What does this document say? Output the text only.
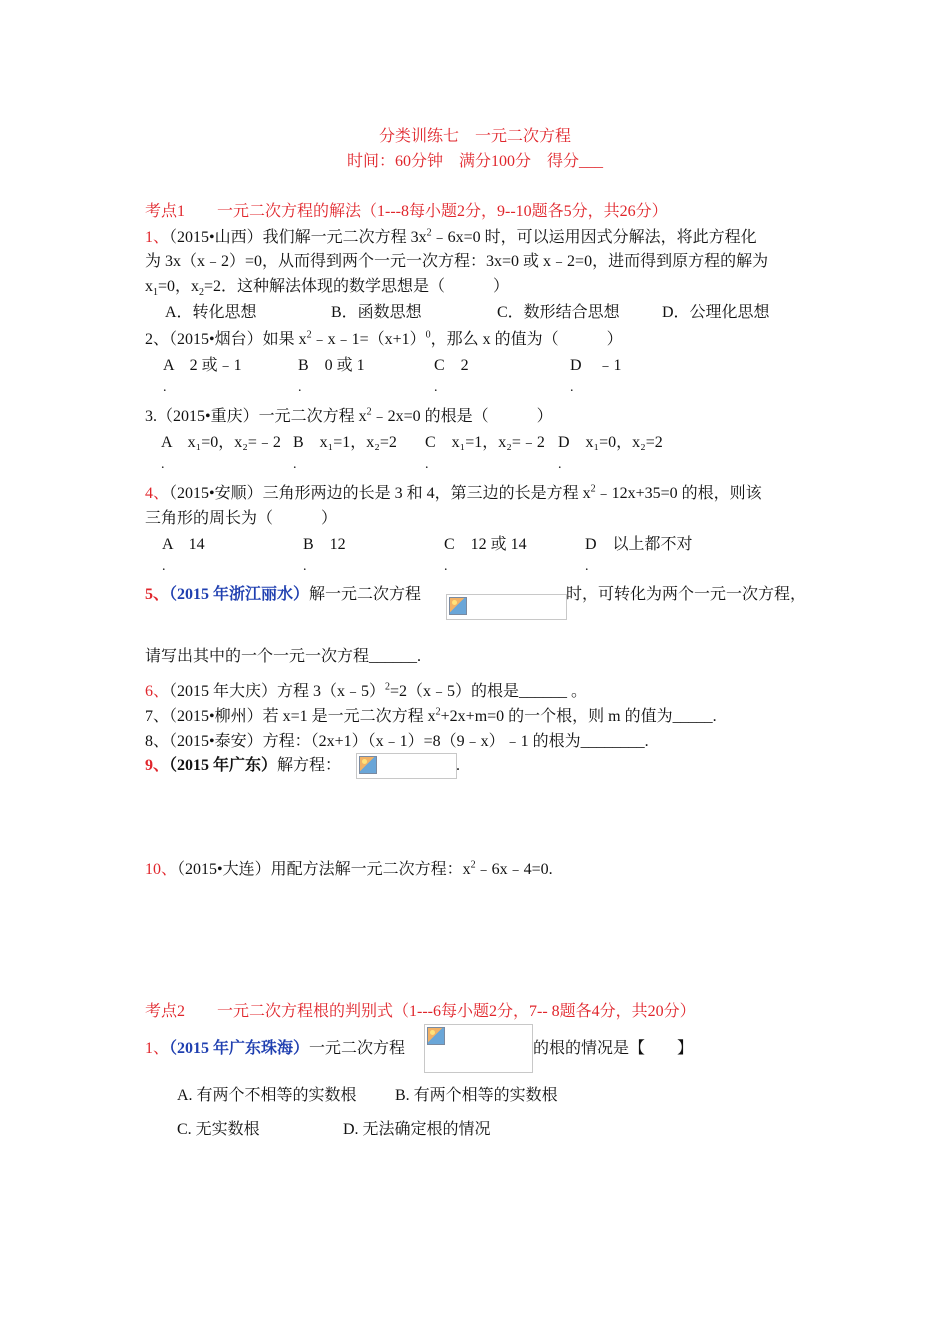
分类训练七　一元二次方程
时间：60分钟　满分100分　得分___
考点1　　一元二次方程的解法（1---8每小题2分，9--10题各5分，共26分）
1、（2015•山西）我们解一元二次方程 $3x^2﹣6x=0$ 时，可以运用因式分解法，将此方程化
为 3x（x﹣2）=0，从而得到两个一元一次方程：3x=0 或 x﹣2=0，进而得到原方程的解为
$x_1=0$，$x_2=2$．这种解法体现的数学思想是（　　　）
A．转化思想	B．函数思想	C．数形结合思想	D．公理化思想
2、（2015•烟台）如果 $x^2﹣x﹣1=(x+1)^0$，那么 x 的值为（　　　）
A　2 或﹣1	B　0 或 1	C　2	D　﹣1
.	.	.	.
3.（2015•重庆）一元二次方程 $x^2﹣2x=0$ 的根是（　　　）
A　x₁=0，x₂=﹣2 B　x₁=1，x₂=2 C　x₁=1，x₂=﹣2 D　x₁=0，x₂=2
.	.	.	.
4、（2015•安顺）三角形两边的长是 3 和 4，第三边的长是方程 $x^2﹣12x+35=0$ 的根，则该
三角形的周长为（　　　）
A　14	B　12	C　12 或 14	D　以上都不对
.	.	.	.
5、（2015 年浙江丽水）解一元二次方程	时，可转化为两个一元一次方程，
请写出其中的一个一元一次方程______.
6、（2015 年大庆）方程 3（x﹣5）$^2$=2（x﹣5）的根是______ 。
7、（2015•柳州）若 x=1 是一元二次方程 $x^2+2x+m=0$ 的一个根，则 m 的值为_____.
8、（2015•泰安）方程：（2x+1）（x﹣1）=8（9﹣x）﹣1 的根为________.
9、（2015 年广东）解方程：	.
10、（2015•大连）用配方法解一元二次方程：$x^2﹣6x﹣4=0$.
考点2　　一元二次方程根的判别式（1---6每小题2分，7-- 8题各4分，共20分）
1、（2015 年广东珠海）一元二次方程	的根的情况是【　　】
A. 有两个不相等的实数根 B. 有两个相等的实数根
C. 无实数根	D. 无法确定根的情况
